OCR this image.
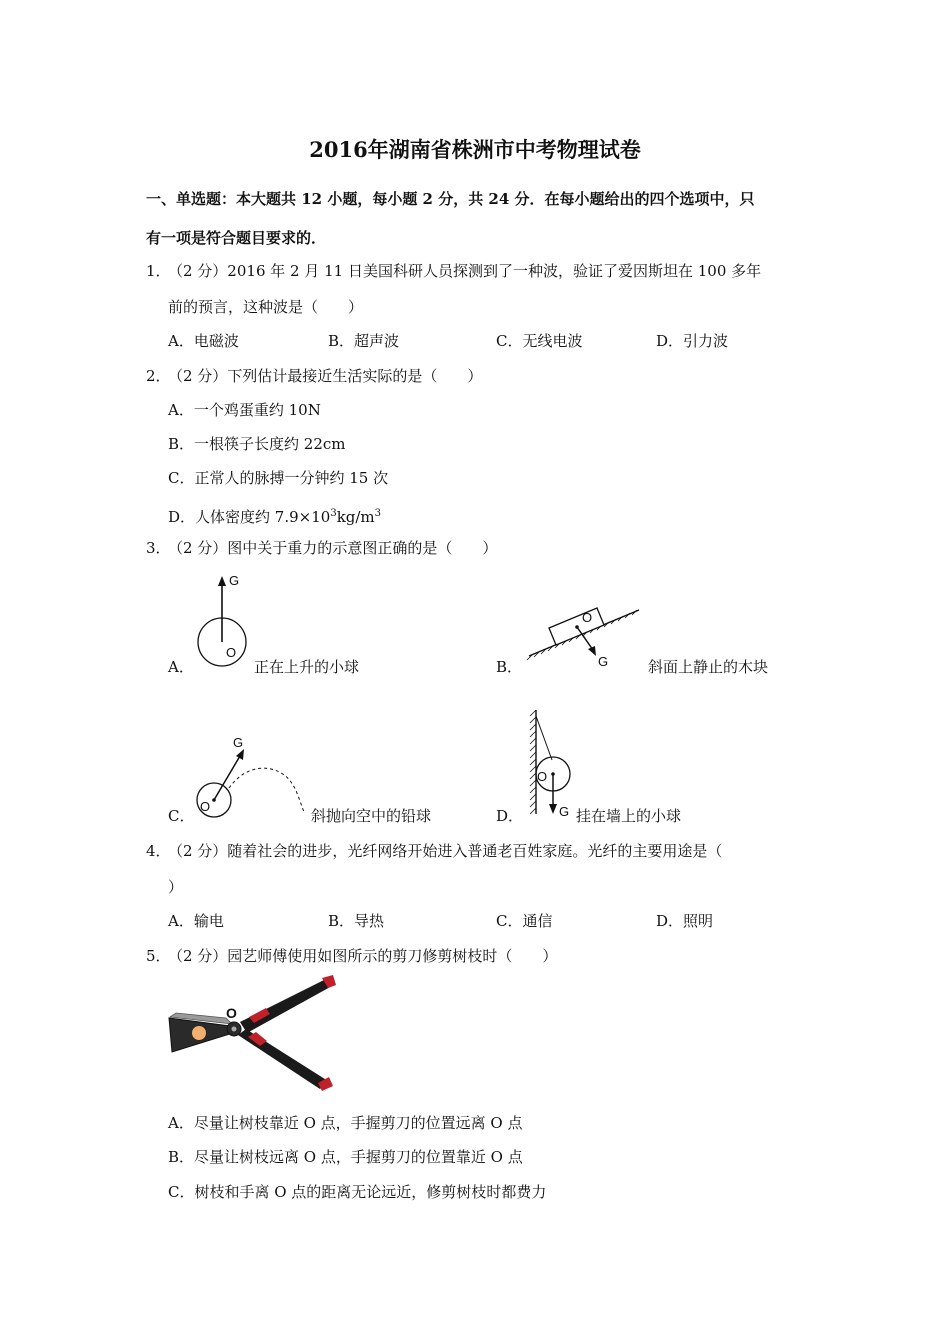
2016年湖南省株洲市中考物理试卷
一、单选题：本大题共 12 小题，每小题 2 分，共 24 分．在每小题给出的四个选项中，只
有一项是符合题目要求的．
1．
（2 分）2016 年 2 月 11 日美国科研人员探测到了一种波，验证了爱因斯坦在 100 多年
前的预言，这种波是（　　）
A．电磁波	B．超声波	C．无线电波	D．引力波
2．
（2 分）下列估计最接近生活实际的是（　　）
A．一个鸡蛋重约 10N
B．一根筷子长度约 22cm
C．正常人的脉搏一分钟约 15 次
D．人体密度约 $7.9\times 10^3kg/m^3$
3．
（2 分）图中关于重力的示意图正确的是（　　）
A．
G
O
正在上升的小球	B．
O
G	斜面上静止的木块
C．
G
O
斜抛向空中的铅球	D．
O
G 挂在墙上的小球
4．
（2 分）随着社会的进步，光纤网络开始进入普通老百姓家庭。光纤的主要用途是（
）
A．输电	B．导热	C．通信	D．照明
5．
（2 分）园艺师傅使用如图所示的剪刀修剪树枝时（　　）
O
A．尽量让树枝靠近 O 点，手握剪刀的位置远离 O 点
B．尽量让树枝远离 O 点，手握剪刀的位置靠近 O 点
C．树枝和手离 O 点的距离无论远近，修剪树枝时都费力
